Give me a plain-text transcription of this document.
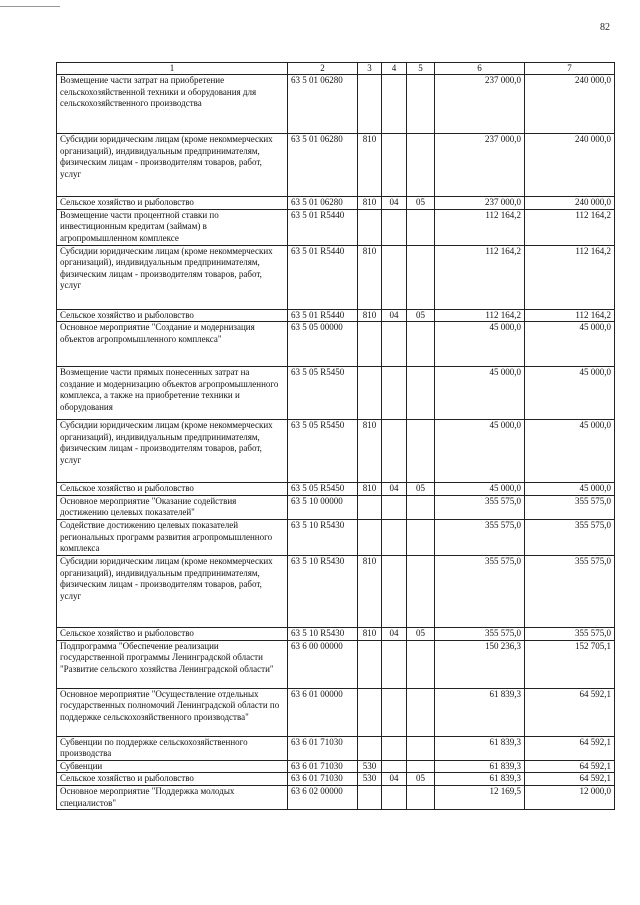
82
1	2	3	4	5	6	7
Возмещение части затрат на приобретение сельскохозяйственной техники и оборудования для сельскохозяйственного производства	63 5 01 06280				237 000,0	240 000,0
Субсидии юридическим лицам (кроме некоммерческих организаций), индивидуальным предпринимателям, физическим лицам - производителям товаров, работ, услуг	63 5 01 06280	810			237 000,0	240 000,0
Сельское хозяйство и рыболовство	63 5 01 06280	810	04	05	237 000,0	240 000,0
Возмещение части процентной ставки по инвестиционным кредитам (займам) в агропромышленном комплексе	63 5 01 R5440				112 164,2	112 164,2
Субсидии юридическим лицам (кроме некоммерческих организаций), индивидуальным предпринимателям, физическим лицам - производителям товаров, работ, услуг	63 5 01 R5440	810			112 164,2	112 164,2
Сельское хозяйство и рыболовство	63 5 01 R5440	810	04	05	112 164,2	112 164,2
Основное мероприятие "Создание и модернизация объектов агропромышленного комплекса"	63 5 05 00000				45 000,0	45 000,0
Возмещение части прямых понесенных затрат на создание и модернизацию объектов агропромышленного комплекса, а также на приобретение техники и оборудования	63 5 05 R5450				45 000,0	45 000,0
Субсидии юридическим лицам (кроме некоммерческих организаций), индивидуальным предпринимателям, физическим лицам - производителям товаров, работ, услуг	63 5 05 R5450	810			45 000,0	45 000,0
Сельское хозяйство и рыболовство	63 5 05 R5450	810	04	05	45 000,0	45 000,0
Основное мероприятие "Оказание содействия достижению целевых показателей"	63 5 10 00000				355 575,0	355 575,0
Содействие достижению целевых показателей региональных программ развития агропромышленного комплекса	63 5 10 R5430				355 575,0	355 575,0
Субсидии юридическим лицам (кроме некоммерческих организаций), индивидуальным предпринимателям, физическим лицам - производителям товаров, работ, услуг	63 5 10 R5430	810			355 575,0	355 575,0
Сельское хозяйство и рыболовство	63 5 10 R5430	810	04	05	355 575,0	355 575,0
Подпрограмма "Обеспечение реализации государственной программы Ленинградской области "Развитие сельского хозяйства Ленинградской области"	63 6 00 00000				150 236,3	152 705,1
Основное мероприятие "Осуществление отдельных государственных полномочий Ленинградской области по поддержке сельскохозяйственного производства"	63 6 01 00000				61 839,3	64 592,1
Субвенции по поддержке сельскохозяйственного производства	63 6 01 71030				61 839,3	64 592,1
Субвенции	63 6 01 71030	530			61 839,3	64 592,1
Сельское хозяйство и рыболовство	63 6 01 71030	530	04	05	61 839,3	64 592,1
Основное мероприятие "Поддержка молодых специалистов"	63 6 02 00000				12 169,5	12 000,0
